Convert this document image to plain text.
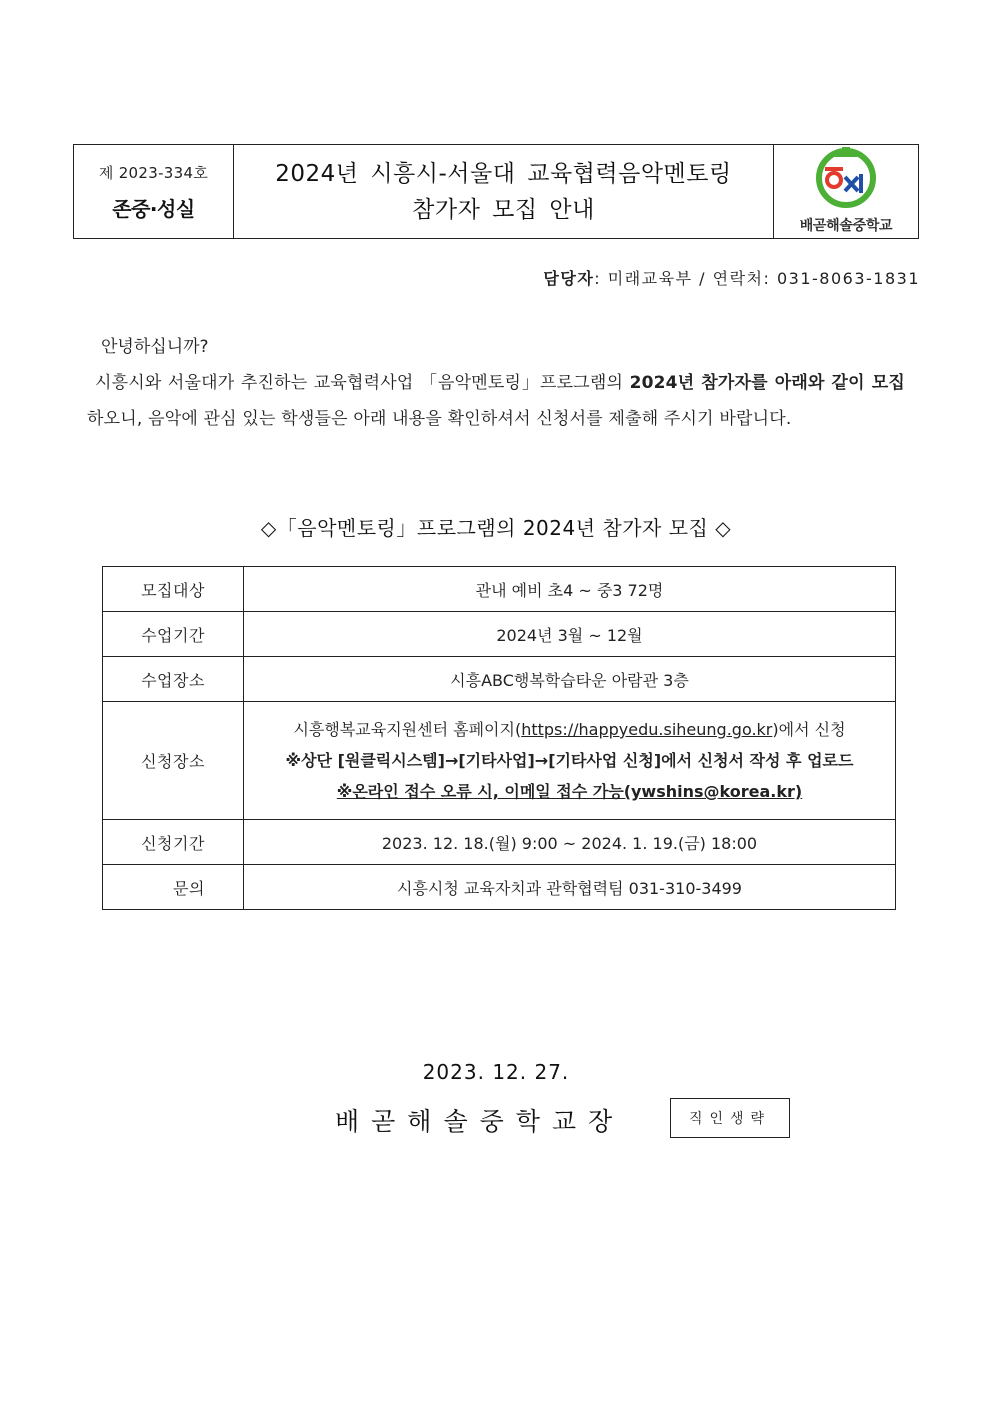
제 2023-334호
존중·성실
2024년 시흥시-서울대 교육협력음악멘토링
참가자 모집 안내
배곧해솔중학교
담당자: 미래교육부 / 연락처: 031-8063-1831
안녕하십니까?
시흥시와 서울대가 추진하는 교육협력사업 「음악멘토링」프로그램의 2024년 참가자를 아래와 같이 모집하오니, 음악에 관심 있는 학생들은 아래 내용을 확인하셔서 신청서를 제출해 주시기 바랍니다.
◇「음악멘토링」프로그램의 2024년 참가자 모집 ◇
모집대상	관내 예비 초4 ~ 중3 72명
수업기간	2024년 3월 ~ 12월
수업장소	시흥ABC행복학습타운 아람관 3층
신청장소	시흥행복교육지원센터 홈페이지(https://happyedu.siheung.go.kr)에서 신청
※상단 [원클릭시스템]→[기타사업]→[기타사업 신청]에서 신청서 작성 후 업로드
※온라인 접수 오류 시, 이메일 접수 가능(ywshins@korea.kr)

신청기간	2023. 12. 18.(월) 9:00 ~ 2024. 1. 19.(금) 18:00
문의	시흥시청 교육자치과 관학협력팀 031-310-3499
2023. 12. 27.
배곧해솔중학교장	직인생략
